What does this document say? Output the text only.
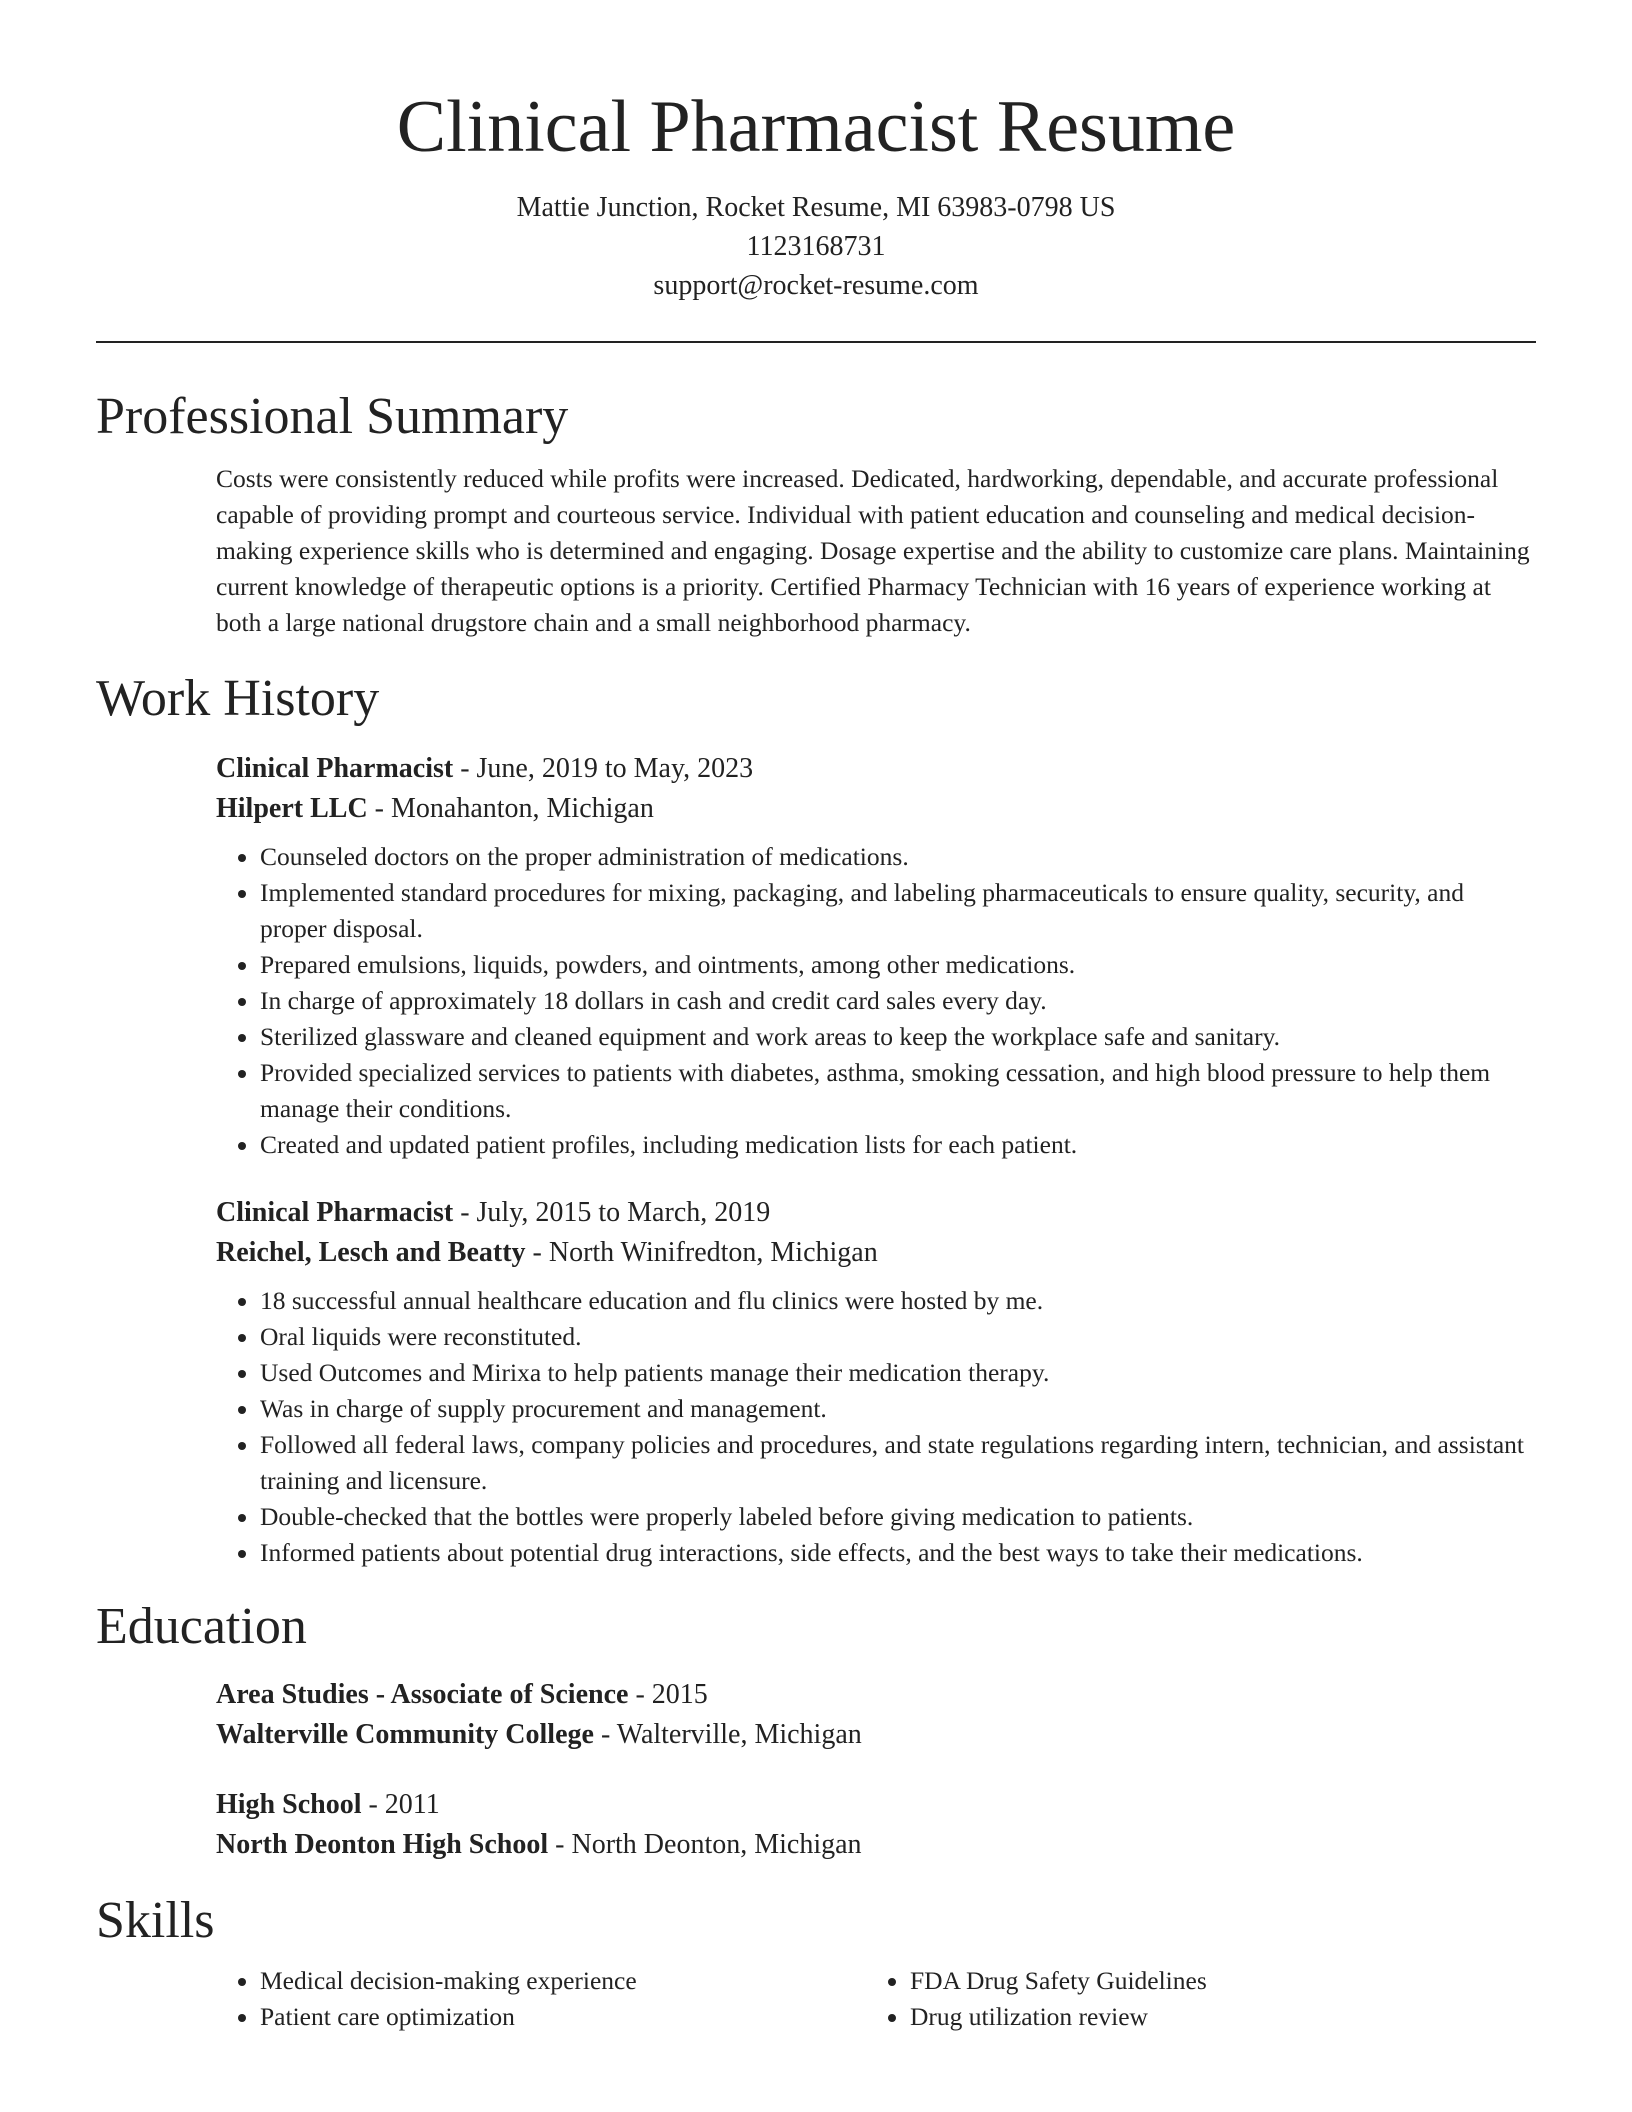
Clinical Pharmacist Resume
Mattie Junction, Rocket Resume, MI 63983-0798 US
1123168731
support@rocket-resume.com
Professional Summary

Costs were consistently reduced while profits were increased. Dedicated, hardworking, dependable, and accurate professional capable of providing prompt and courteous service. Individual with patient education and counseling and medical decision-making experience skills who is determined and engaging. Dosage expertise and the ability to customize care plans. Maintaining current knowledge of therapeutic options is a priority. Certified Pharmacy Technician with 16 years of experience working at both a large national drugstore chain and a small neighborhood pharmacy.

Work History
Clinical Pharmacist - June, 2019 to May, 2023
Hilpert LLC - Monahanton, Michigan
• Counseled doctors on the proper administration of medications.
• Implemented standard procedures for mixing, packaging, and labeling pharmaceuticals to ensure quality, security, and proper disposal.
• Prepared emulsions, liquids, powders, and ointments, among other medications.
• In charge of approximately 18 dollars in cash and credit card sales every day.
• Sterilized glassware and cleaned equipment and work areas to keep the workplace safe and sanitary.
• Provided specialized services to patients with diabetes, asthma, smoking cessation, and high blood pressure to help them manage their conditions.
• Created and updated patient profiles, including medication lists for each patient.
Clinical Pharmacist - July, 2015 to March, 2019
Reichel, Lesch and Beatty - North Winifredton, Michigan
• 18 successful annual healthcare education and flu clinics were hosted by me.
• Oral liquids were reconstituted.
• Used Outcomes and Mirixa to help patients manage their medication therapy.
• Was in charge of supply procurement and management.
• Followed all federal laws, company policies and procedures, and state regulations regarding intern, technician, and assistant training and licensure.
• Double-checked that the bottles were properly labeled before giving medication to patients.
• Informed patients about potential drug interactions, side effects, and the best ways to take their medications.
Education
Area Studies - Associate of Science - 2015
Walterville Community College - Walterville, Michigan
High School - 2011
North Deonton High School - North Deonton, Michigan
Skills
• Medical decision-making experience
• Patient care optimization
• FDA Drug Safety Guidelines
• Drug utilization review
